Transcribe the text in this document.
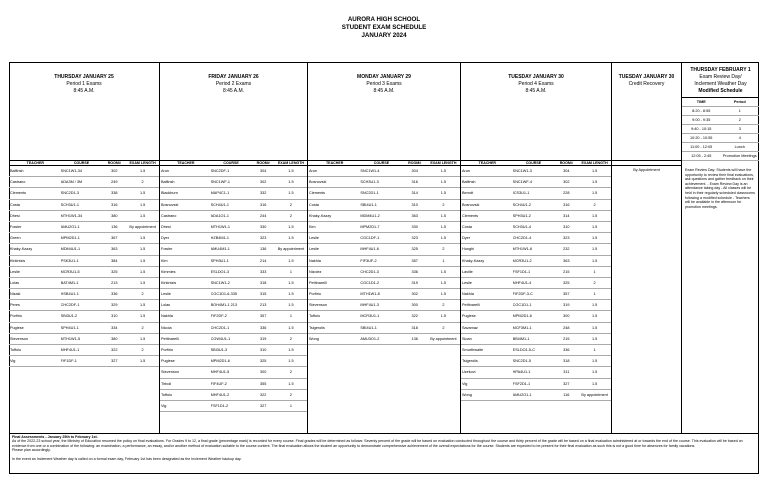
AURORA HIGH SCHOOL
STUDENT EXAM SCHEDULE
JANUARY 2024
THURSDAY JANUARY 25
Period 1 Exams
8:45 A.M.
TEACHER	COURSE	ROOM#	EXAM LENGTH
Balfinsh	SNC1W1-34	302	1.5
Castrano	ADA3M / 3M	249	2
Clements	SNC2D1-3	338	1.5
Costa	SCH3U1-1	316	1.5
Dhesi	MTH1W1-34	380	1.5
Fowler	AMU2O1-1	136	By appointment
Green	MPM2D1-1	367	1.5
Khaky-Kazzy	MDM4U1-1	363	1.5
Kirkintzis	PSK3U1-1	384	1.5
Leslie	MCR3U1-5	325	1.5
Lolas	BAT4M1-1	213	1.5
Nizaki	HSB4U1-1	336	2
Peres	CHC2DF-1	329	1.5
Porfirio	SBI3U1-2	310	1.5
Puglese	SPH4U1-1	334	2
Stevenson	MTH1W1-5	380	1.5
Toffolo	MHF4U1-1	322	2
Vig	FIF1DF-1	327	1.5
FRIDAY JANUARY 26
Period 2 Exams
8:45 A.M.
TEACHER	COURSE	ROOM#	EXAM LENGTH
Arun	SNC2DF-1	304	1.5
Balfinsh	SNC1WF-1	302	1.5
Blackburn	MAP4C1-1	332	1.5
Bosnovski	SCH4U1-1	316	2
Castrano	ADA1O1-1	244	2
Dhesi	MTH1W1-1	330	1.5
Dyer	HZB4M1-1	323	1.5
Fowler	AMU4M1-1	136	By appointment
Kim	SPH3U1-1	214	1.5
Kimmies	ESLDO1-3	333	1
Kirkintzis	SNC1W1-2	318	1.5
Leslie	CGC1D1-6-335	315	1.5
Lolas	BOH4M1-1 213	213	1.5
Nakhla	FIF2DF-2	357	1
Nicola	CHC2D1-1	336	1.5
Pettinarelli	CGW4U1-1	319	2
Porfirio	SBI3U1-3	310	1.5
Puglese	MPM2D1-6	325	1.5
Stevenson	MHF4U1-5	300	2
Tirboli	FIF4UF-2	355	1.5
Toffolo	MHF4U1-2	322	2
Vig	FSF1D1-2	327	1
MONDAY JANUARY 29
Period 3 Exams
8:45 A.M.
TEACHER	COURSE	ROOM#	EXAM LENGTH
Arun	SNC1W1-4	304	1.5
Bosnovski	SCH3U1-3	316	1.5
Clements	SNC2D1-1	314	1.5
Costa	SBI4U1-1	310	2
Khaky-Kazzy	MDM4U1-2	363	1.5
Kim	MPM2D1-7	330	1.5
Leslie	CGC1DF-1	323	1.5
Leslie	MHF4U1-6	325	2
Nakhla	FIF3UF-2	357	1
Nizolez	CHC2D1-3	336	1.5
Pettinarelli	CGC1D1-2	319	1.5
Porfirio	MTH1W1-8	302	1.5
Stevenson	MHF4U1-3	300	2
Toffolo	MCR3U1-1	322	1.5
Tsigerolis	SBI4U1-1	318	2
Wong	AMU3O1-2	136	By appointment
TUESDAY JANUARY 30
Period 4 Exams
8:45 A.M.
TEACHER	COURSE	ROOM#	EXAM LENGTH
Arun	SNC1W1-3	304	1.5
Balfinsh	SNC1WF-4	302	1.5
Berndt	ICS3U1-1	228	1.5
Bosnovski	SCH4U1-2	316	2
Clements	SPH3U1-2	314	1.5
Costa	SCH3U1-4	310	1.5
Dyer	CHC2D1-4	323	1.5
Hunghi	MTH1W1-6	232	1.5
Khaky-Kazzy	MCR3U1-2	363	1.5
Laville	FSF1D1-1	215	1
Leslie	MHF4U1-4	325	2
Nakhla	FIF2DF-3-C	357	1
Pettinarelli	CGC1D1-1	319	1.5
Puglese	MPM2D1-6	300	1.5
Savamaz	MCF3M1-1	248	1.5
Sloan	BBI4M1-1	215	1.5
Smurthwaite	ESLDO1-5-C	336	1
Tsigerolis	SNC2D1-5	318	1.5
Uzekovi	HPA4U1-1	311	1.5
Vig	FSF2D1-1	327	1.5
Wong	AMU2O1-1	116	By appointment
TUESDAY JANUARY 30
Credit Recovery
By Appointment
THURSDAY FEBRUARY 1
Exam Review Day/
Inclement Weather Day
Modified Schedule
TIME	Period
8:20 - 8:55	1
9:00 - 9:35	2
9:40 - 10:15	3
10:20 - 10:55	4
11:00 - 12:05	Lunch
12:05 - 2:45	Promotion Meetings
Exam Review Day: Students will have the opportunity to review their final evaluations, ask questions and gather feedback on their achievement. - Exam Review Day is an attendance taking day - All classes will be held in their regularly scheduled classrooms following a modified schedule - Teachers will be available in the afternoon for promotion meetings.
Final Assessments - January 25th to February 1st.
As of the 2022-23 school year, the Ministry of Education resumed the policy on final evaluations. For Grades 9 to 12, a final grade (percentage mark) is recorded for every course. Final grades will be determined as follows: Seventy percent of the grade will be based on evaluation conducted throughout the course and thirty percent of the grade will be based on a final evaluation administered at or towards the end of the course. This evaluation will be based on evidence from one or a combination of the following: an examination, a performance, an essay, and/or another method of evaluation suitable to the course content. The final evaluation allows the student an opportunity to demonstrate comprehensive achievement of the overall expectations for the course. Students are expected to be present for their final evaluation as such this is not a good time for absences for family vacations.
Please plan accordingly.
In the event an Inclement Weather day is called on a formal exam day, February 1st has been designated as the Inclement Weather backup day.
